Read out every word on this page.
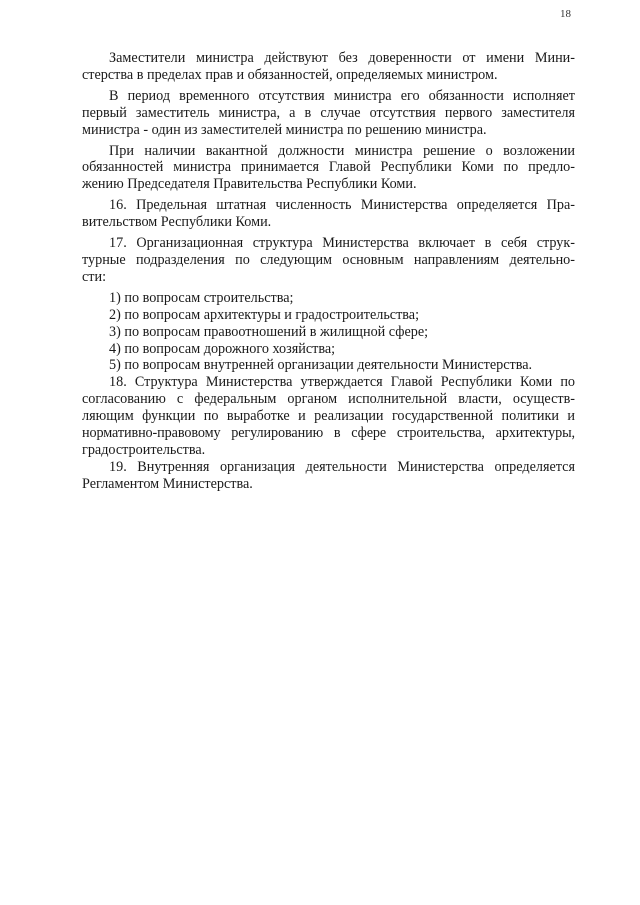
18
Заместители министра действуют без доверенности от имени Мини-
стерства в пределах прав и обязанностей, определяемых министром.
В период временного отсутствия министра его обязанности исполняет
первый заместитель министра, а в случае отсутствия первого заместителя
министра - один из заместителей министра по решению министра.
При наличии вакантной должности министра решение о возложении
обязанностей министра принимается Главой Республики Коми по предло-
жению Председателя Правительства Республики Коми.
16. Предельная штатная численность Министерства определяется Пра-
вительством Республики Коми.
17. Организационная структура Министерства включает в себя струк-
турные подразделения по следующим основным направлениям деятельно-
сти:
1) по вопросам строительства;
2) по вопросам архитектуры и градостроительства;
3) по вопросам правоотношений в жилищной сфере;
4) по вопросам дорожного хозяйства;
5) по вопросам внутренней организации деятельности Министерства.
18. Структура Министерства утверждается Главой Республики Коми по
согласованию с федеральным органом исполнительной власти, осуществ-
ляющим функции по выработке и реализации государственной политики и
нормативно-правовому регулированию в сфере строительства, архитектуры,
градостроительства.
19. Внутренняя организация деятельности Министерства определяется
Регламентом Министерства.
